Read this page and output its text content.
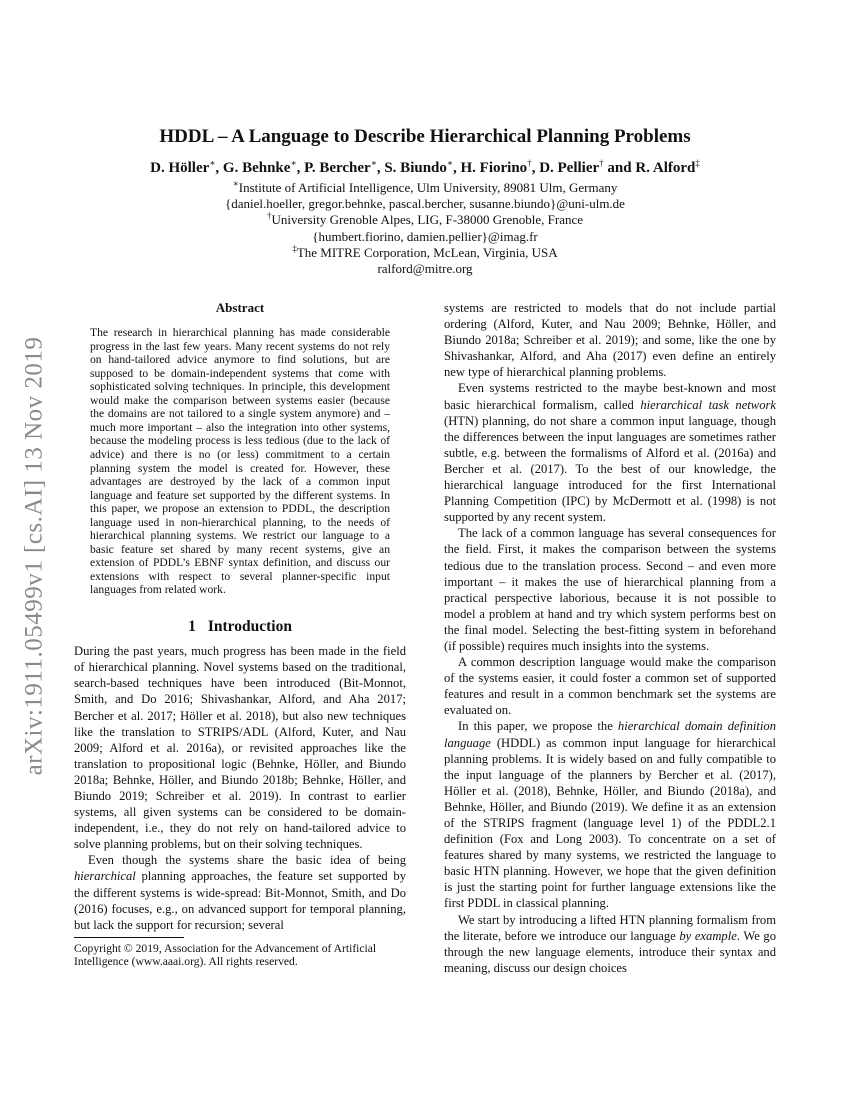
arXiv:1911.05499v1 [cs.AI] 13 Nov 2019
HDDL – A Language to Describe Hierarchical Planning Problems
D. Höller∗, G. Behnke∗, P. Bercher∗, S. Biundo∗, H. Fiorino†, D. Pellier† and R. Alford‡
∗Institute of Artificial Intelligence, Ulm University, 89081 Ulm, Germany
{daniel.hoeller, gregor.behnke, pascal.bercher, susanne.biundo}@uni-ulm.de
†University Grenoble Alpes, LIG, F-38000 Grenoble, France
{humbert.fiorino, damien.pellier}@imag.fr
‡The MITRE Corporation, McLean, Virginia, USA
ralford@mitre.org
Abstract

The research in hierarchical planning has made considerable progress in the last few years. Many recent systems do not rely on hand-tailored advice anymore to find solutions, but are supposed to be domain-independent systems that come with sophisticated solving techniques. In principle, this development would make the comparison between systems easier (because the domains are not tailored to a single system anymore) and – much more important – also the integration into other systems, because the modeling process is less tedious (due to the lack of advice) and there is no (or less) commitment to a certain planning system the model is created for. However, these advantages are destroyed by the lack of a common input language and feature set supported by the different systems. In this paper, we propose an extension to PDDL, the description language used in non-hierarchical planning, to the needs of hierarchical planning systems. We restrict our language to a basic feature set shared by many recent systems, give an extension of PDDL’s EBNF syntax definition, and discuss our extensions with respect to several planner-specific input languages from related work.

1 Introduction

During the past years, much progress has been made in the field of hierarchical planning. Novel systems based on the traditional, search-based techniques have been introduced (Bit-Monnot, Smith, and Do 2016; Shivashankar, Alford, and Aha 2017; Bercher et al. 2017; Höller et al. 2018), but also new techniques like the translation to STRIPS/ADL (Alford, Kuter, and Nau 2009; Alford et al. 2016a), or revisited approaches like the translation to propositional logic (Behnke, Höller, and Biundo 2018a; Behnke, Höller, and Biundo 2018b; Behnke, Höller, and Biundo 2019; Schreiber et al. 2019). In contrast to earlier systems, all given systems can be considered to be domain-independent, i.e., they do not rely on hand-tailored advice to solve planning problems, but on their solving techniques.

Even though the systems share the basic idea of being hierarchical planning approaches, the feature set supported by the different systems is wide-spread: Bit-Monnot, Smith, and Do (2016) focuses, e.g., on advanced support for temporal planning, but lack the support for recursion; several

Copyright © 2019, Association for the Advancement of Artificial Intelligence (www.aaai.org). All rights reserved.

systems are restricted to models that do not include partial ordering (Alford, Kuter, and Nau 2009; Behnke, Höller, and Biundo 2018a; Schreiber et al. 2019); and some, like the one by Shivashankar, Alford, and Aha (2017) even define an entirely new type of hierarchical planning problems.

Even systems restricted to the maybe best-known and most basic hierarchical formalism, called hierarchical task network (HTN) planning, do not share a common input language, though the differences between the input languages are sometimes rather subtle, e.g. between the formalisms of Alford et al. (2016a) and Bercher et al. (2017). To the best of our knowledge, the hierarchical language introduced for the first International Planning Competition (IPC) by McDermott et al. (1998) is not supported by any recent system.

The lack of a common language has several consequences for the field. First, it makes the comparison between the systems tedious due to the translation process. Second – and even more important – it makes the use of hierarchical planning from a practical perspective laborious, because it is not possible to model a problem at hand and try which system performs best on the final model. Selecting the best-fitting system in beforehand (if possible) requires much insights into the systems.

A common description language would make the comparison of the systems easier, it could foster a common set of supported features and result in a common benchmark set the systems are evaluated on.

In this paper, we propose the hierarchical domain definition language (HDDL) as common input language for hierarchical planning problems. It is widely based on and fully compatible to the input language of the planners by Bercher et al. (2017), Höller et al. (2018), Behnke, Höller, and Biundo (2018a), and Behnke, Höller, and Biundo (2019). We define it as an extension of the STRIPS fragment (language level 1) of the PDDL2.1 definition (Fox and Long 2003). To concentrate on a set of features shared by many systems, we restricted the language to basic HTN planning. However, we hope that the given definition is just the starting point for further language extensions like the first PDDL in classical planning.

We start by introducing a lifted HTN planning formalism from the literate, before we introduce our language by example. We go through the new language elements, introduce their syntax and meaning, discuss our design choices
